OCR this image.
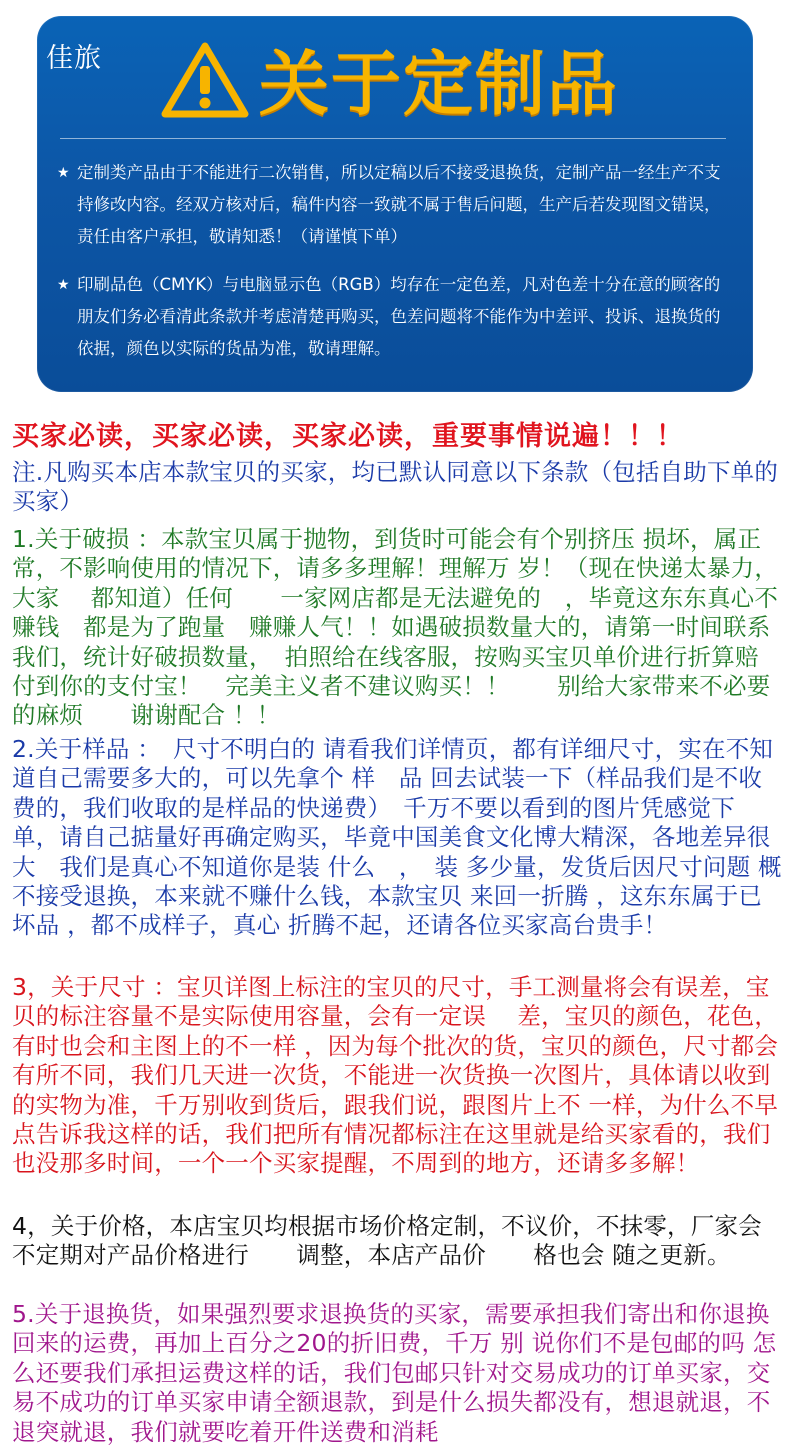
佳旅 关于定制品
★ 定制类产品由于不能进行二次销售，所以定稿以后不接受退换货，定制产品一经生产不支持修改内容。经双方核对后，稿件内容一致就不属于售后问题，生产后若发现图文错误，责任由客户承担，敬请知悉！（请谨慎下单）
★ 印刷品色（CMYK）与电脑显示色（RGB）均存在一定色差，凡对色差十分在意的顾客的朋友们务必看清此条款并考虑清楚再购买，色差问题将不能作为中差评、投诉、退换货的依据，颜色以实际的货品为准，敬请理解。
买家必读，买家必读，买家必读，重要事情说遍！！！
注.凡购买本店本款宝贝的买家，均已默认同意以下条款（包括自助下单的买家）
1.关于破损 ：本款宝贝属于抛物，到货时可能会有个别挤压 损坏，属正常，不影响使用的情况下，请多多理解！理解万 岁！（现在快递太暴力，大家　 都知道）任何　　一家网店都是无法避免的　，毕竟这东东真心不赚钱　都是为了跑量　赚赚人气！！如遇破损数量大的，请第一时间联系我们，统计好破损数量，　拍照给在线客服，按购买宝贝单价进行折算赔付到你的支付宝！　完美主义者不建议购买！！　　别给大家带来不必要的麻烦　　谢谢配合 ！！
2.关于样品 ：　尺寸不明白的 请看我们详情页，都有详细尺寸，实在不知道自己需要多大的，可以先拿个 样　品 回去试装一下（样品我们是不收费的，我们收取的是样品的快递费）　千万不要以看到的图片凭感觉下单，请自己掂量好再确定购买，毕竟中国美食文化博大精深，各地差异很大　我们是真心不知道你是装 什么　，　装 多少量，发货后因尺寸问题 概不接受退换，本来就不赚什么钱，本款宝贝 来回一折腾 ，这东东属于已坏品 ，都不成样子，真心 折腾不起，还请各位买家高台贵手！
3，关于尺寸 ：宝贝详图上标注的宝贝的尺寸，手工测量将会有误差，宝贝的标注容量不是实际使用容量，会有一定误　 差，宝贝的颜色，花色，有时也会和主图上的不一样 ，因为每个批次的货，宝贝的颜色，尺寸都会有所不同，我们几天进一次货，不能进一次货换一次图片，具体请以收到的实物为准，千万别收到货后，跟我们说，跟图片上不 一样，为什么不早点告诉我这样的话，我们把所有情况都标注在这里就是给买家看的，我们也没那多时间，一个一个买家提醒，不周到的地方，还请多多解！
4，关于价格，本店宝贝均根据市场价格定制，不议价，不抹零，厂家会不定期对产品价格进行　　调整，本店产品价　　格也会 随之更新。
5.关于退换货，如果强烈要求退换货的买家，需要承担我们寄出和你退换回来的运费，再加上百分之20的折旧费，千万 别 说你们不是包邮的吗 怎么还要我们承担运费这样的话，我们包邮只针对交易成功的订单买家，交易不成功的订单买家申请全额退款，到是什么损失都没有，想退就退，不退突就退，我们就要吃着开件送费和消耗
